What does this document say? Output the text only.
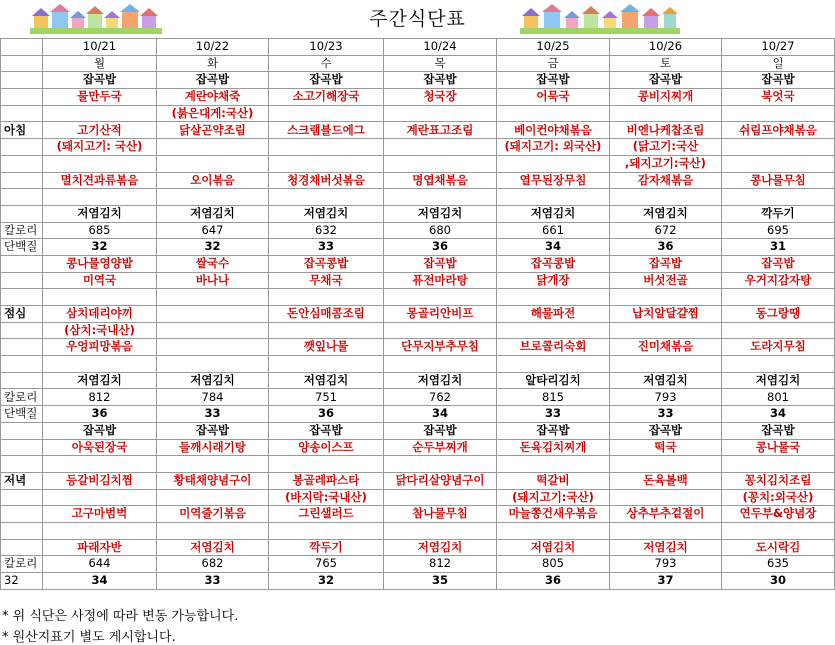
주간식단표
	10/21	10/22	10/23	10/24	10/25	10/26	10/27
	월	화	수	목	금	토	일
	잡곡밥	잡곡밥	잡곡밥	잡곡밥	잡곡밥	잡곡밥	잡곡밥
	물만두국	계란야채죽	소고기해장국	청국장	어묵국	콩비지찌개	북엇국
		(붉은대게:국산)					
아침	고기산적	닭살곤약조림	스크램블드에그	계란표고조림	베이컨야채볶음	비엔나케찹조림	쉬림프야채볶음
	(돼지고기: 국산)				(돼지고기: 외국산)	(닭고기:국산	
						,돼지고기:국산)	
	멸치견과류볶음	오이볶음	청경채버섯볶음	명엽채볶음	열무된장무침	감자채볶음	콩나물무침

	저염김치	저염김치	저염김치	저염김치	저염김치	저염김치	깍두기
칼로리	685	647	632	680	661	672	695
단백질	32	32	33	36	34	36	31
	콩나물영양밥	쌀국수	잡곡콩밥	잡곡밥	잡곡콩밥	잡곡밥	잡곡밥
	미역국	바나나	무채국	퓨전마라탕	닭개장	버섯전골	우거지감자탕

점심	삼치데리야끼		돈안심매콤조림	몽골리안비프	해물파전	납치알달걀찜	동그랑땡
	(삼치:국내산)						
	우엉피망볶음		깻잎나물	단무지부추무침	브로콜리숙회	진미채볶음	도라지무침

	저염김치	저염김치	저염김치	저염김치	알타리김치	저염김치	저염김치
칼로리	812	784	751	762	815	793	801
단백질	36	33	36	34	33	33	34
	잡곡밥	잡곡밥	잡곡밥	잡곡밥	잡곡밥	잡곡밥	잡곡밥
	아욱된장국	들깨시래기탕	양송이스프	순두부찌개	돈육김치찌개	떡국	콩나물국

저녁	등갈비김치찜	황태채양념구이	봉골레파스타	닭다리살양념구이	떡갈비	돈육볼백	꽁치김치조림
			(바지락:국내산)		(돼지고기:국산)		(꽁치:외국산)
	고구마범벅	미역줄기볶음	그린샐러드	참나물무침	마늘쫑건새우볶음	상추부추겉절이	연두부&양념장

	파래자반	저염김치	깍두기	저염김치	저염김치	저염김치	도시락김
칼로리	644	682	765	812	805	793	635
32	34	33	32	35	36	37	30
* 위 식단은 사정에 따라 변동 가능합니다.
* 원산지표기 별도 게시합니다.
